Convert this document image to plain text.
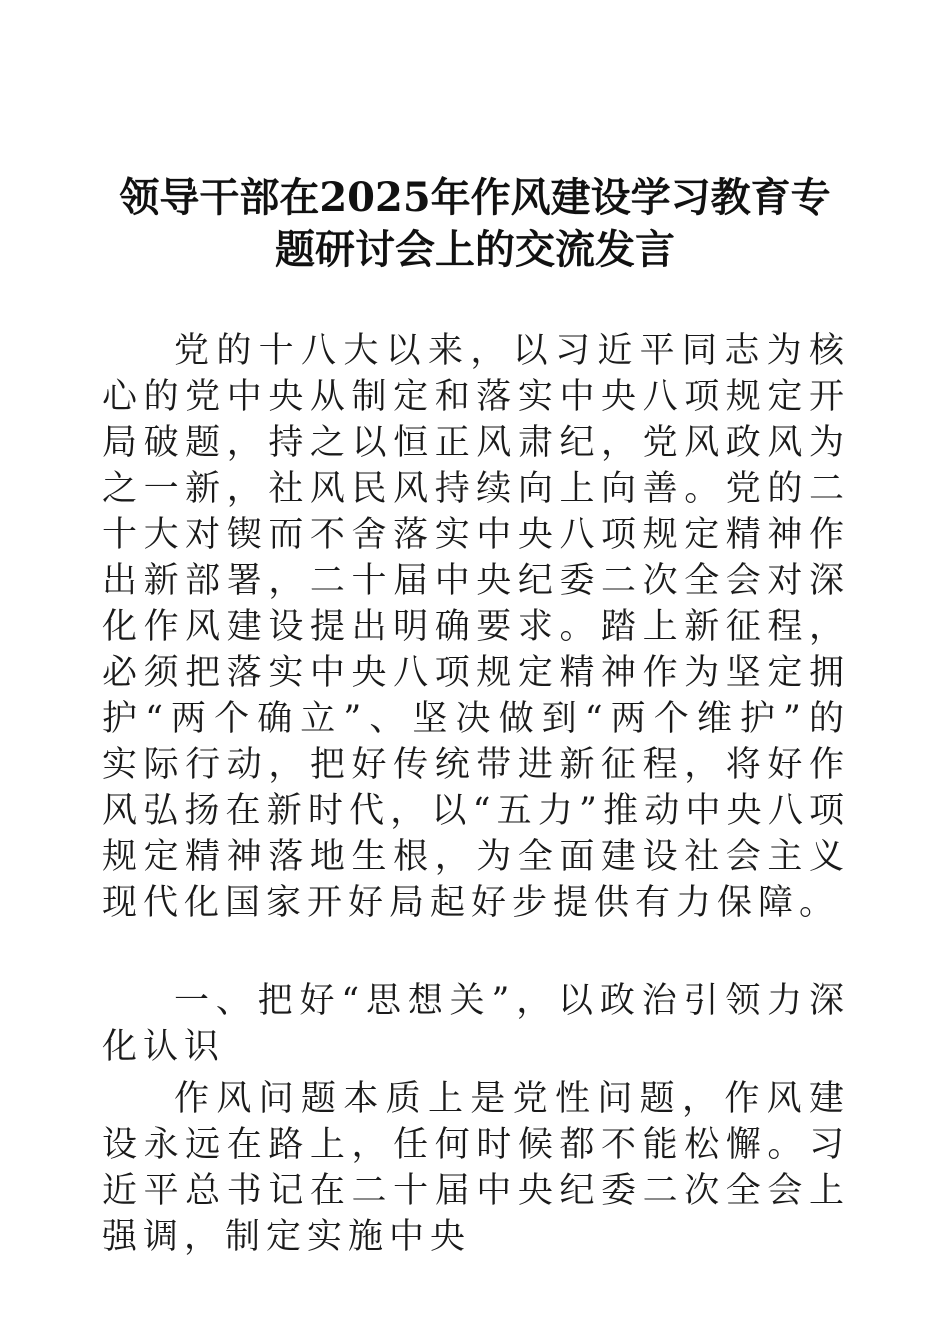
领导干部在2025年作风建设学习教育专题研讨会上的交流发言

党的十八大以来，以习近平同志为核心的党中央从制定和落实中央八项规定开局破题，持之以恒正风肃纪，党风政风为之一新，社风民风持续向上向善。党的二十大对锲而不舍落实中央八项规定精神作出新部署，二十届中央纪委二次全会对深化作风建设提出明确要求。踏上新征程，必须把落实中央八项规定精神作为坚定拥护“两个确立”、坚决做到“两个维护”的实际行动，把好传统带进新征程，将好作风弘扬在新时代，以“五力”推动中央八项规定精神落地生根，为全面建设社会主义现代化国家开好局起好步提供有力保障。

一、把好“思想关”，以政治引领力深化认识

作风问题本质上是党性问题，作风建设永远在路上，任何时候都不能松懈。习近平总书记在二十届中央纪委二次全会上强调，制定实施中央
